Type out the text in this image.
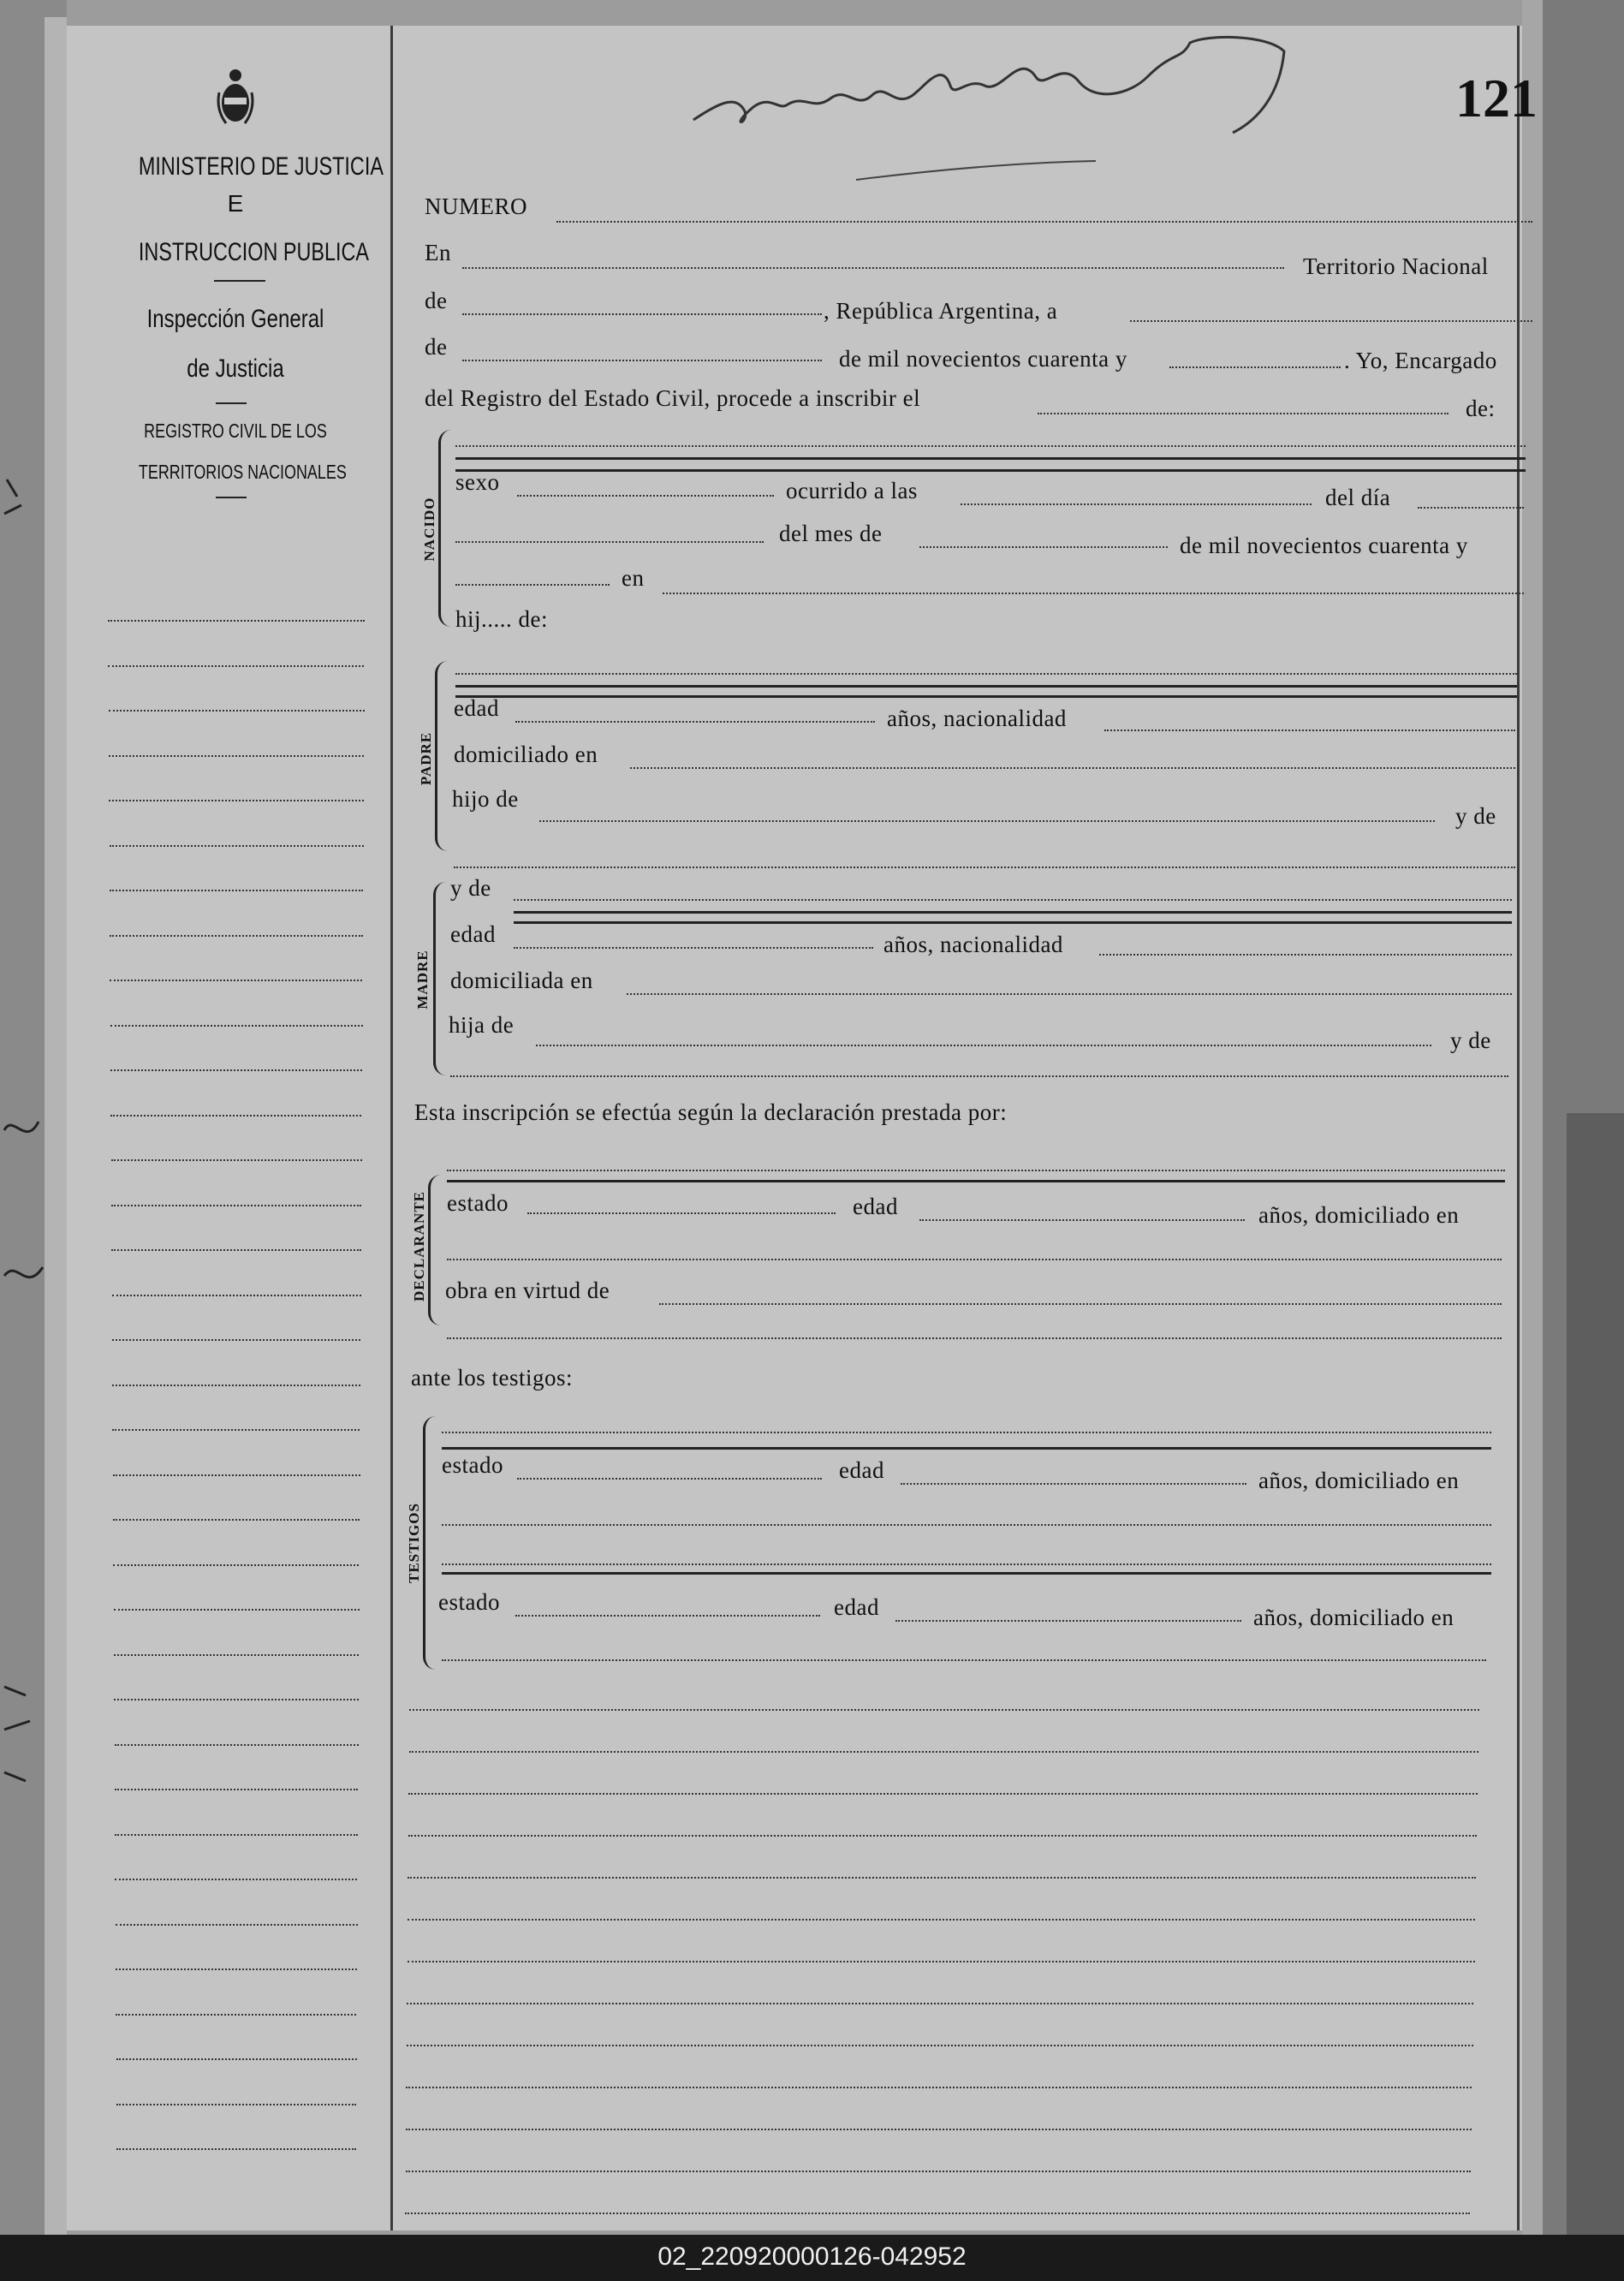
121
MINISTERIO DE JUSTICIA
E
INSTRUCCION PUBLICA
Inspección General
de Justicia
REGISTRO CIVIL DE LOS
TERRITORIOS NACIONALES
NUMERO
En
Territorio Nacional
de	, República Argentina, a
de	de mil novecientos cuarenta y	. Yo, Encargado
del Registro del Estado Civil, procede a inscribir el	de:
NACIDO
sexo	ocurrido a las	del día
del mes de	de mil novecientos cuarenta y
en
hij..... de:
PADRE
edad	años, nacionalidad
domiciliado en
hijo de
y de
y de
MADRE
edad	años, nacionalidad
domiciliada en
hija de
y de
Esta inscripción se efectúa según la declaración prestada por:
DECLARANTE estado	edad	años, domiciliado en
obra en virtud de
ante los testigos:
TESTIGOS
estado	edad	años, domiciliado en
estado	edad	años, domiciliado en
02_220920000126-042952
